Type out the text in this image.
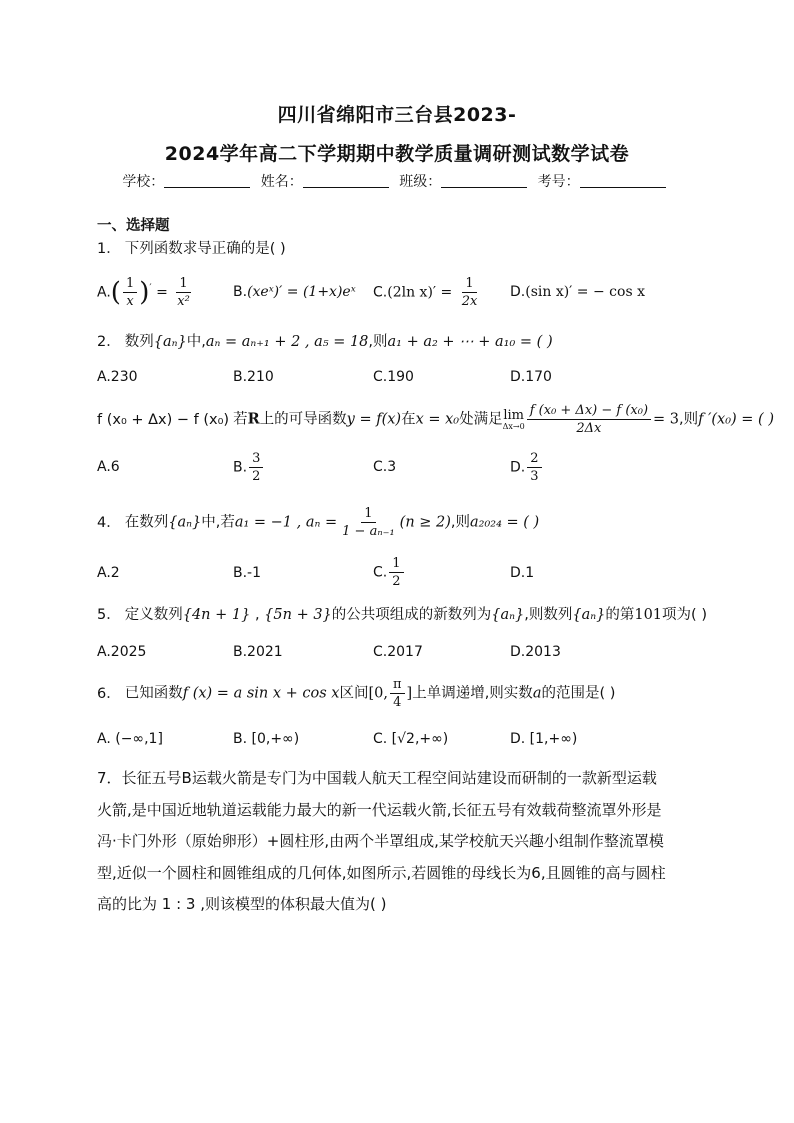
四川省绵阳市三台县2023-
2024学年高二下学期期中教学质量调研测试数学试卷
学校：	姓名：	班级：	考号：
一、选择题
1． 下列函数求导正确的是( )
$A.( \frac{1}{x} )' = \frac{1}{\text{x²}}$	B.(xeˣ)′ = (1+x)eˣ C.(2ln $x)' = \frac{1}{2x} D.(\sin$ x)′ = − cos x
2． 数列{aₙ}中,aₙ = aₙ₊₁ + 2 , a₅ = 18,则a₁ + a₂ + ⋯ + a₁₀ = ( )
A.230	B.210	C.190	D.170
f (x₀ + Δx) − f (x₀) 若R上的可导函数y = f(x)在x = x₀处满足 lim
$\Delta x\to 0 \frac{\text{f (x₀ + Δx) − f (x₀)}}{2\Delta x} = 3$,则f ′(x₀) = ( )
A.6	B. $\frac{3}{2}$	C.3	D. $\frac{2}{3}$
4． 在数列{aₙ}中,若a₁ = −1 , $a_n = \frac{1}{\text{1 − aₙ₋₁}} (n \ge 2)$,则a₂₀₂₄ = ( )
A.2	B.-1	C. $\frac{1}{2}$	D.1
5． 定义数列{4n + 1} , {5n + 3}的公共项组成的新数列为{aₙ},则数列{aₙ}的第101项为( )
A.2025	B.2021	C.2017	D.2013
6． 已知函数f (x) = a sin x + cos x区间[0, $\frac{\pi}{4}$ ]上单调递增,则实数a的范围是( )
A. (−∞,1]	B. [0,+∞)	C. [√2,+∞)	D. [1,+∞)
7．长征五号B运载火箭是专门为中国载人航天工程空间站建设而研制的一款新型运载
火箭,是中国近地轨道运载能力最大的新一代运载火箭,长征五号有效载荷整流罩外形是
冯·卡门外形（原始卵形）+圆柱形,由两个半罩组成,某学校航天兴趣小组制作整流罩模
型,近似一个圆柱和圆锥组成的几何体,如图所示,若圆锥的母线长为6,且圆锥的高与圆柱
高的比为 1 : 3 ,则该模型的体积最大值为( )
